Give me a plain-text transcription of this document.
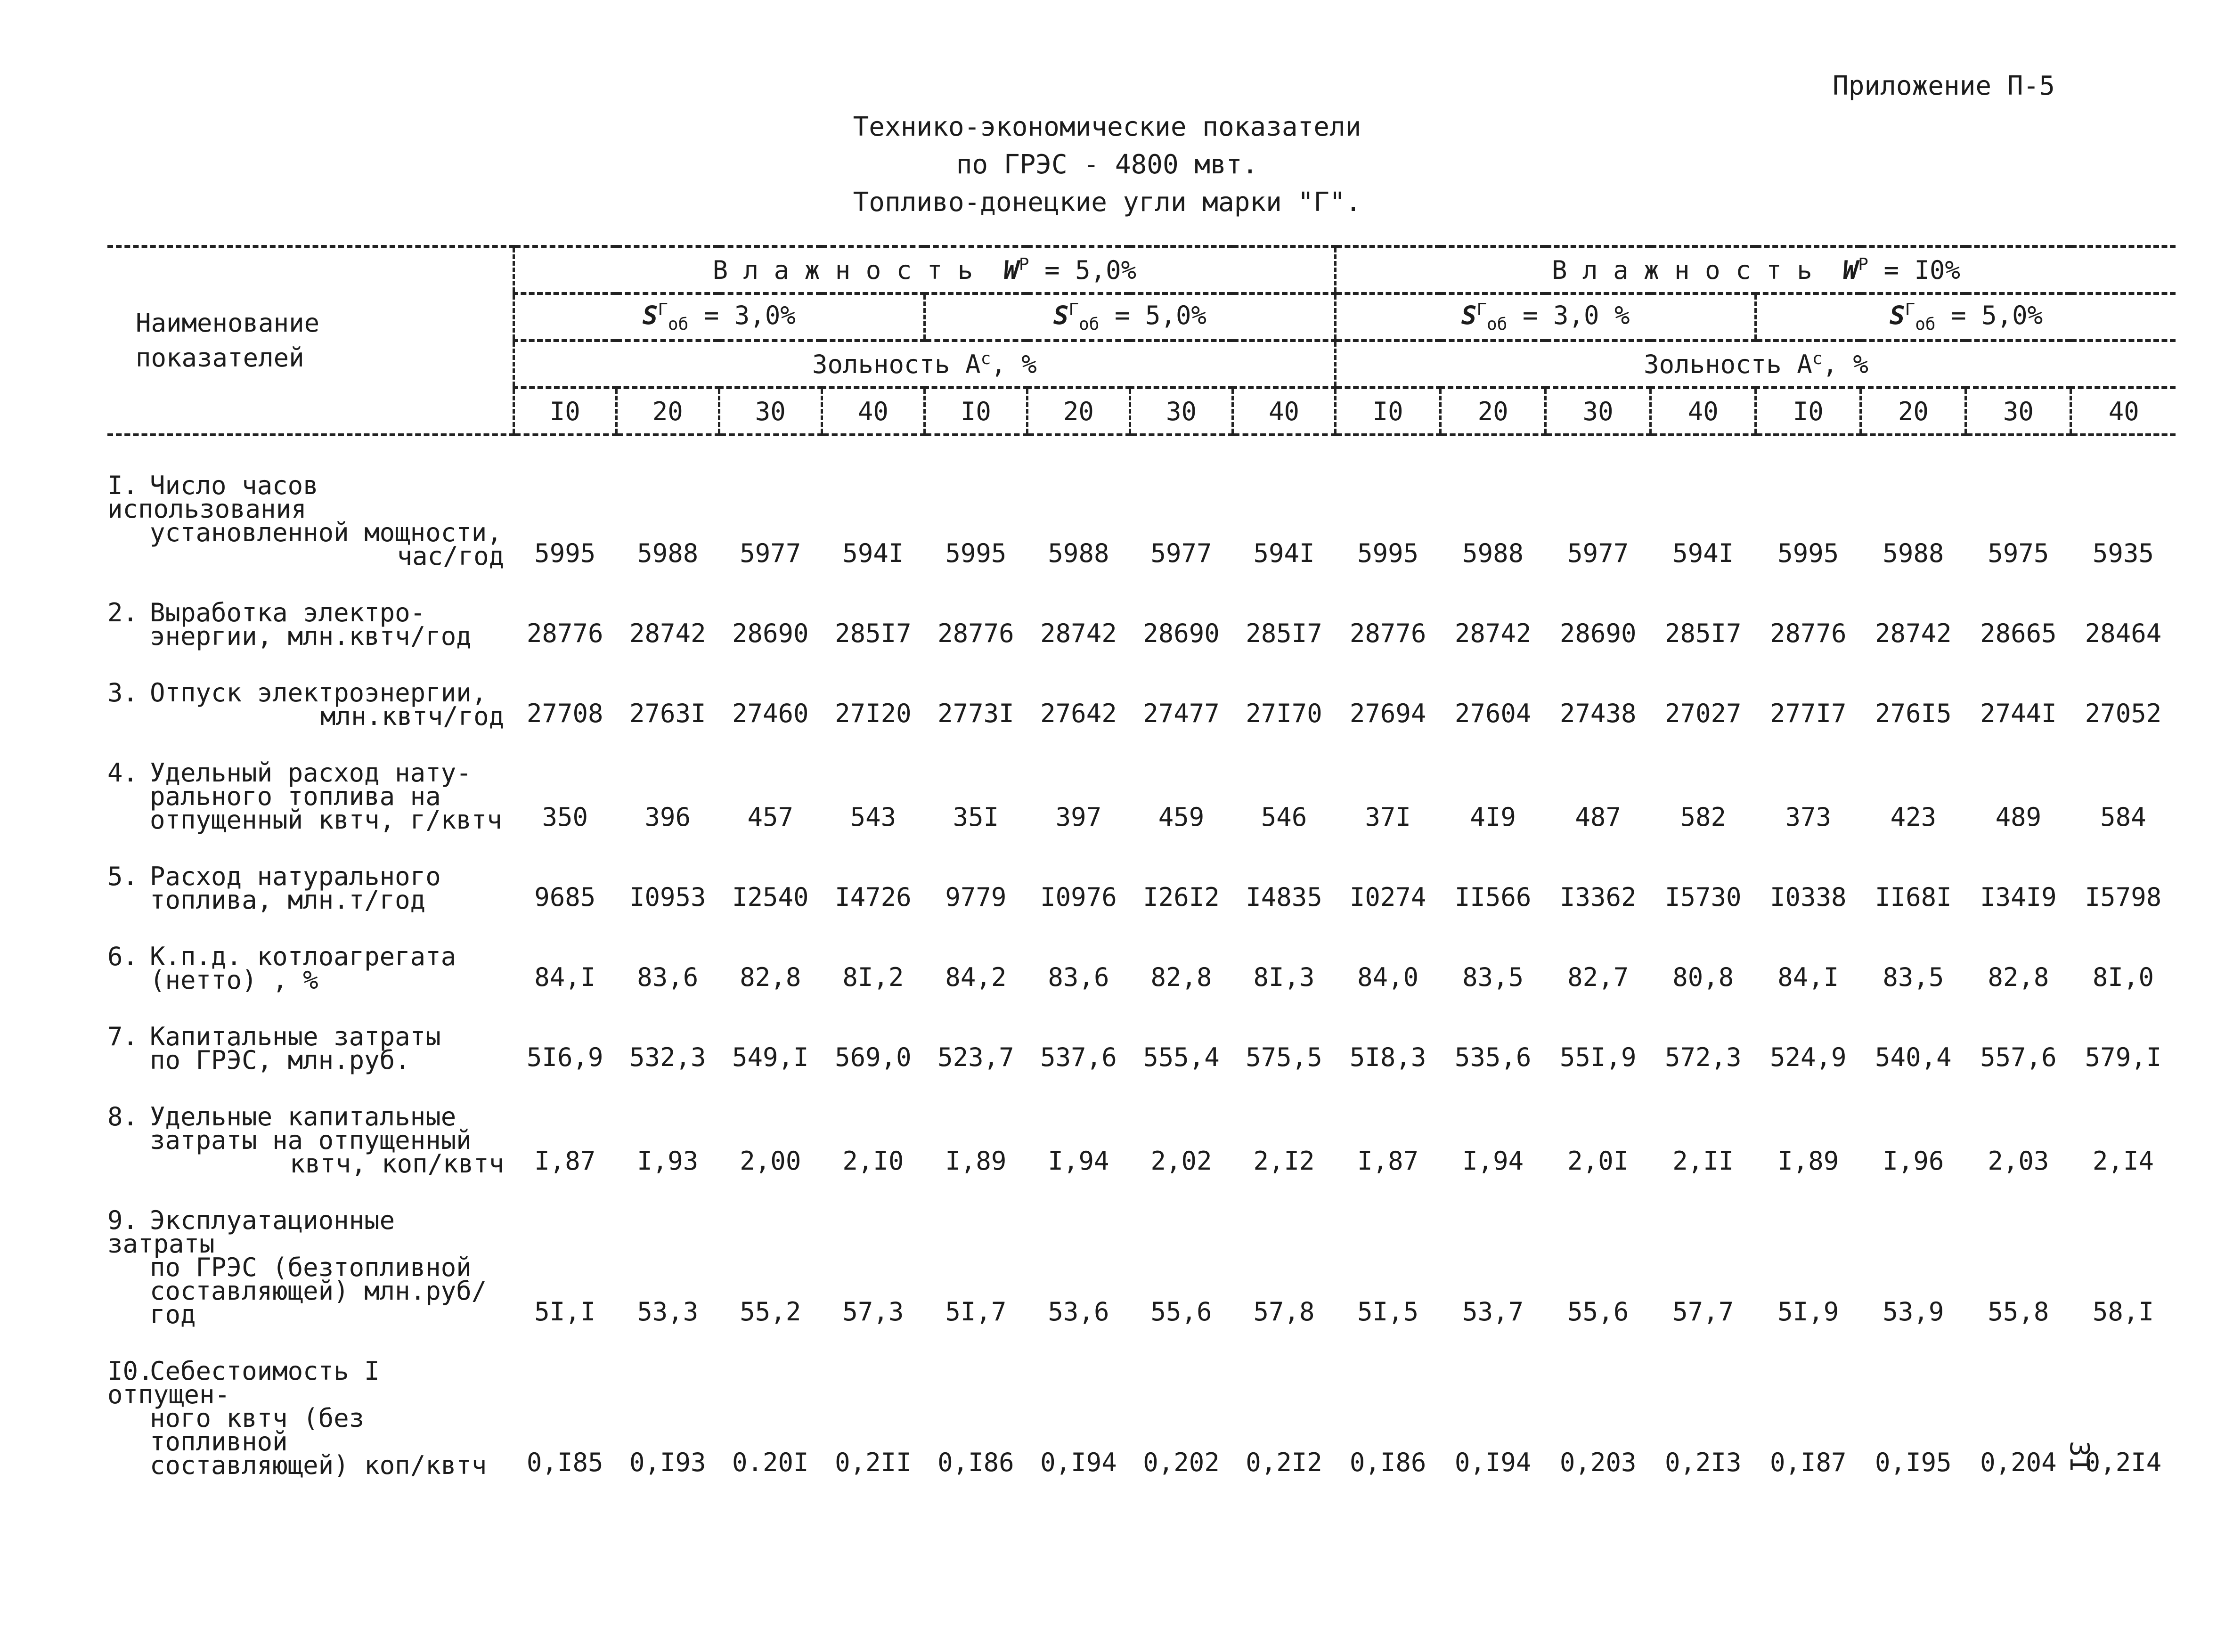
Приложение П-5
Технико-экономические показатели
по ГРЭС - 4800 мвт.
Топливо-донецкие угли марки "Г".
Наименование
показателей	В л а ж н о с т ь $W^P = 5,0\%$								В л а ж н о с т ь $W^P = I0\%$							
	$S^Г_{об} = 3,0\%$				$S^Г_{об} = 5,0\%$				$S^Г_{об} = 3,0$ %				$S^Г_{об} = 5,0\%$			
	Зольность $А^с$, %								Зольность $А^с$, %							
	I0	20	30	40	I0	20	30	40	I0	20	30	40	I0	20	30	40

I. Число часов использования
установленной мощности,
час/год	5995	5988	5977	594I	5995	5988	5977	594I	5995	5988	5977	594I	5995	5988	5975	5935

2. Выработка электро-
энергии, млн.квтч/год	28776	28742	28690	285I7	28776	28742	28690	285I7	28776	28742	28690	285I7	28776	28742	28665	28464

3. Отпуск электроэнергии,
млн.квтч/год	27708	2763I	27460	27I20	2773I	27642	27477	27I70	27694	27604	27438	27027	277I7	276I5	2744I	27052

4. Удельный расход нату-
рального топлива на
отпущенный квтч, г/квтч	350	396	457	543	35I	397	459	546	37I	4I9	487	582	373	423	489	584

5. Расход натурального
топлива, млн.т/год	9685	I0953	I2540	I4726	9779	I0976	I26I2	I4835	I0274	II566	I3362	I5730	I0338	II68I	I34I9	I5798

6. К.п.д. котлоагрегата
(нетто) , %	84,I	83,6	82,8	8I,2	84,2	83,6	82,8	8I,3	84,0	83,5	82,7	80,8	84,I	83,5	82,8	8I,0

7. Капитальные затраты
по ГРЭС, млн.руб.	5I6,9	532,3	549,I	569,0	523,7	537,6	555,4	575,5	5I8,3	535,6	55I,9	572,3	524,9	540,4	557,6	579,I

8. Удельные капитальные
затраты на отпущенный
квтч, коп/квтч	I,87	I,93	2,00	2,I0	I,89	I,94	2,02	2,I2	I,87	I,94	2,0I	2,II	I,89	I,96	2,03	2,I4

9. Эксплуатационные затраты
по ГРЭС (безтопливной
составляющей) млн.руб/год	5I,I	53,3	55,2	57,3	5I,7	53,6	55,6	57,8	5I,5	53,7	55,6	57,7	5I,9	53,9	55,8	58,I

I0.Себестоимость I отпущен-
ного квтч (без топливной
составляющей) коп/квтч	0,I85	0,I93	0.20I	0,2II	0,I86	0,I94	0,202	0,2I2	0,I86	0,I94	0,203	0,2I3	0,I87	0,I95	0,204	0,2I4
3I
